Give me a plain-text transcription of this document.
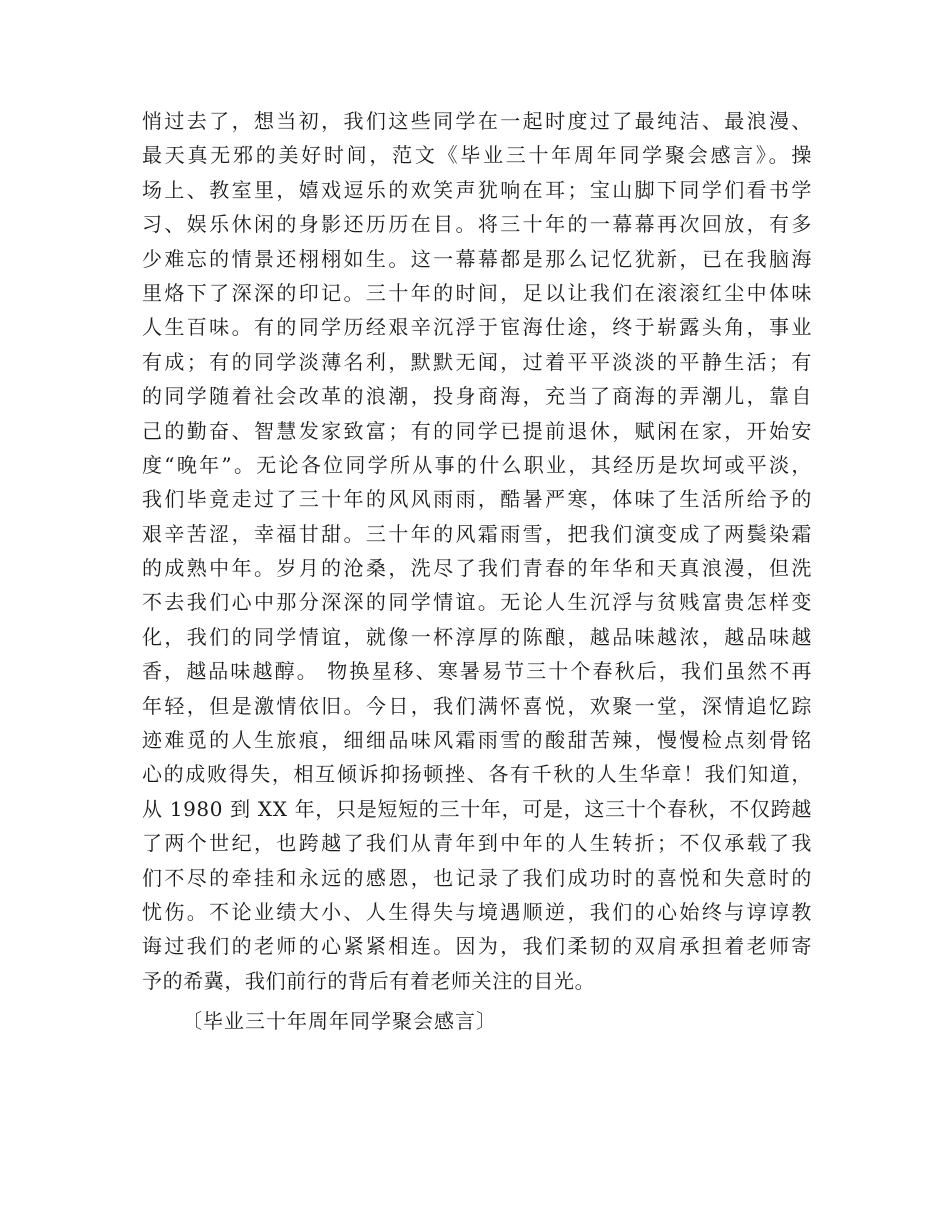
悄过去了，想当初，我们这些同学在一起时度过了最纯洁、最浪漫、
最天真无邪的美好时间，范文《毕业三十年周年同学聚会感言》。操
场上、教室里，嬉戏逗乐的欢笑声犹响在耳；宝山脚下同学们看书学
习、娱乐休闲的身影还历历在目。将三十年的一幕幕再次回放，有多
少难忘的情景还栩栩如生。这一幕幕都是那么记忆犹新，已在我脑海
里烙下了深深的印记。三十年的时间，足以让我们在滚滚红尘中体味
人生百味。有的同学历经艰辛沉浮于宦海仕途，终于崭露头角，事业
有成；有的同学淡薄名利，默默无闻，过着平平淡淡的平静生活；有
的同学随着社会改革的浪潮，投身商海，充当了商海的弄潮儿，靠自
己的勤奋、智慧发家致富；有的同学已提前退休，赋闲在家，开始安
度“晚年”。无论各位同学所从事的什么职业，其经历是坎坷或平淡，
我们毕竟走过了三十年的风风雨雨，酷暑严寒，体味了生活所给予的
艰辛苦涩，幸福甘甜。三十年的风霜雨雪，把我们演变成了两鬓染霜
的成熟中年。岁月的沧桑，洗尽了我们青春的年华和天真浪漫，但洗
不去我们心中那分深深的同学情谊。无论人生沉浮与贫贱富贵怎样变
化，我们的同学情谊，就像一杯淳厚的陈酿，越品味越浓，越品味越
香，越品味越醇。 物换星移、寒暑易节三十个春秋后，我们虽然不再
年轻，但是激情依旧。今日，我们满怀喜悦，欢聚一堂，深情追忆踪
迹难觅的人生旅痕，细细品味风霜雨雪的酸甜苦辣，慢慢检点刻骨铭
心的成败得失，相互倾诉抑扬顿挫、各有千秋的人生华章！我们知道，
从 1980 到 XX 年，只是短短的三十年，可是，这三十个春秋，不仅跨越
了两个世纪，也跨越了我们从青年到中年的人生转折；不仅承载了我
们不尽的牵挂和永远的感恩，也记录了我们成功时的喜悦和失意时的
忧伤。不论业绩大小、人生得失与境遇顺逆，我们的心始终与谆谆教
诲过我们的老师的心紧紧相连。因为，我们柔韧的双肩承担着老师寄
予的希冀，我们前行的背后有着老师关注的目光。
〔毕业三十年周年同学聚会感言〕
